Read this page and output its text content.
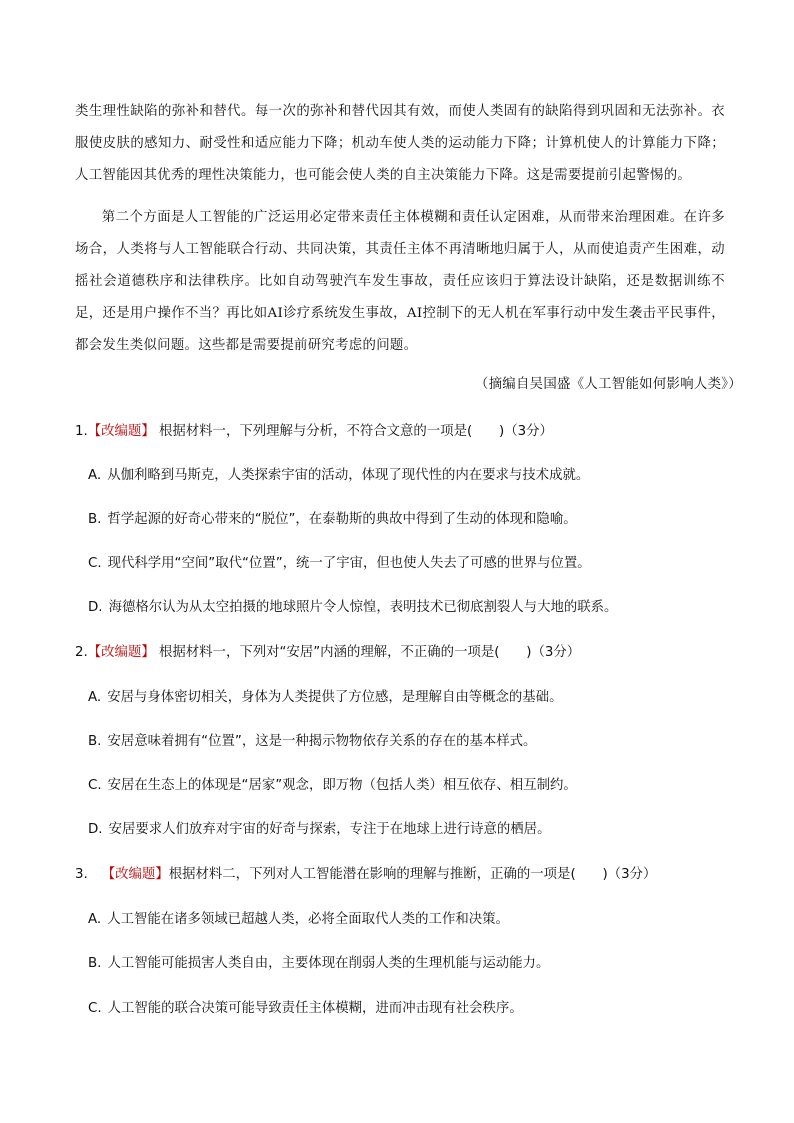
类生理性缺陷的弥补和替代。每一次的弥补和替代因其有效，而使人类固有的缺陷得到巩固和无法弥补。衣服使皮肤的感知力、耐受性和适应能力下降；机动车使人类的运动能力下降；计算机使人的计算能力下降；人工智能因其优秀的理性决策能力，也可能会使人类的自主决策能力下降。这是需要提前引起警惕的。

第二个方面是人工智能的广泛运用必定带来责任主体模糊和责任认定困难，从而带来治理困难。在许多场合，人类将与人工智能联合行动、共同决策，其责任主体不再清晰地归属于人，从而使追责产生困难，动摇社会道德秩序和法律秩序。比如自动驾驶汽车发生事故，责任应该归于算法设计缺陷，还是数据训练不足，还是用户操作不当？再比如AI诊疗系统发生事故，AI控制下的无人机在军事行动中发生袭击平民事件，都会发生类似问题。这些都是需要提前研究考虑的问题。

（摘编自吴国盛《人工智能如何影响人类》）
1.【改编题】 根据材料一，下列理解与分析，不符合文意的一项是(　　)（3分）
A. 从伽利略到马斯克，人类探索宇宙的活动，体现了现代性的内在要求与技术成就。
B. 哲学起源的好奇心带来的“脱位”，在泰勒斯的典故中得到了生动的体现和隐喻。
C. 现代科学用“空间”取代“位置”，统一了宇宙，但也使人失去了可感的世界与位置。
D. 海德格尔认为从太空拍摄的地球照片令人惊惶，表明技术已彻底割裂人与大地的联系。
2.【改编题】 根据材料一，下列对“安居”内涵的理解，不正确的一项是(　　)（3分）
A. 安居与身体密切相关，身体为人类提供了方位感，是理解自由等概念的基础。
B. 安居意味着拥有“位置”，这是一种揭示物物依存关系的存在的基本样式。
C. 安居在生态上的体现是“居家”观念，即万物（包括人类）相互依存、相互制约。
D. 安居要求人们放弃对宇宙的好奇与探索，专注于在地球上进行诗意的栖居。
3. 【改编题】根据材料二，下列对人工智能潜在影响的理解与推断，正确的一项是(　　)（3分）
A. 人工智能在诸多领域已超越人类，必将全面取代人类的工作和决策。
B. 人工智能可能损害人类自由，主要体现在削弱人类的生理机能与运动能力。
C. 人工智能的联合决策可能导致责任主体模糊，进而冲击现有社会秩序。
